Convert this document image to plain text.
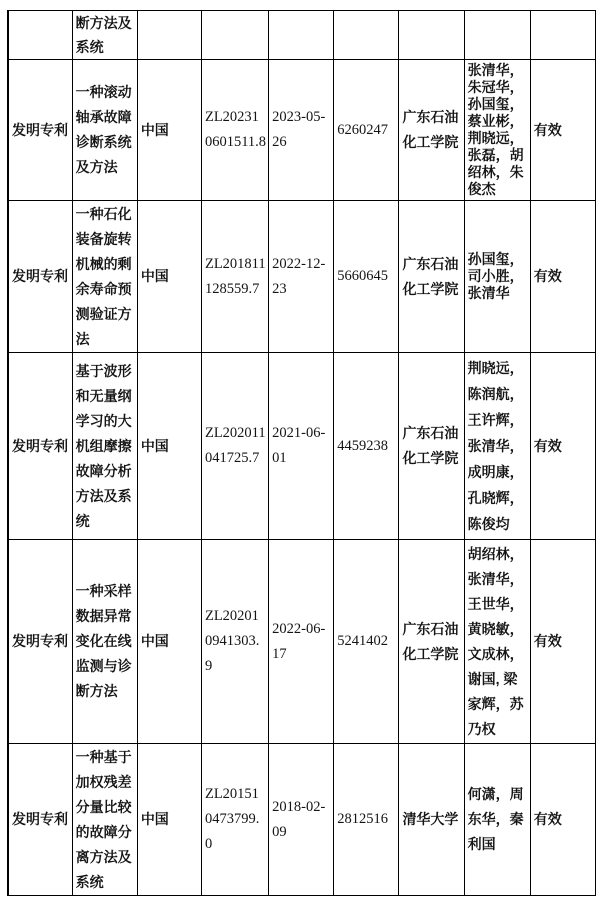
	断方法及系统							
发明专利	一种滚动轴承故障诊断系统及方法	中国	ZL202310601511.8	2023-05-26	6260247	广东石油化工学院	张清华，朱冠华，孙国玺，蔡业彬，荆晓远，张磊，胡绍林，朱俊杰	有效
发明专利	一种石化装备旋转机械的剩余寿命预测验证方法	中国	ZL201811128559.7	2022-12-23	5660645	广东石油化工学院	孙国玺，司小胜，张清华	有效
发明专利	基于波形和无量纲学习的大机组摩擦故障分析方法及系统	中国	ZL202011041725.7	2021-06-01	4459238	广东石油化工学院	荆晓远，陈润航，王许辉，张清华，成明康，孔晓辉，陈俊均	有效
发明专利	一种采样数据异常变化在线监测与诊断方法	中国	ZL202010941303.9	2022-06-17	5241402	广东石油化工学院	胡绍林，张清华，王世华，黄晓敏，文成林，谢国, 梁家辉，苏乃权	有效
发明专利	一种基于加权残差分量比较的故障分离方法及系统	中国	ZL201510473799.0	2018-02-09	2812516	清华大学	何潇，周东华，秦利国	有效
